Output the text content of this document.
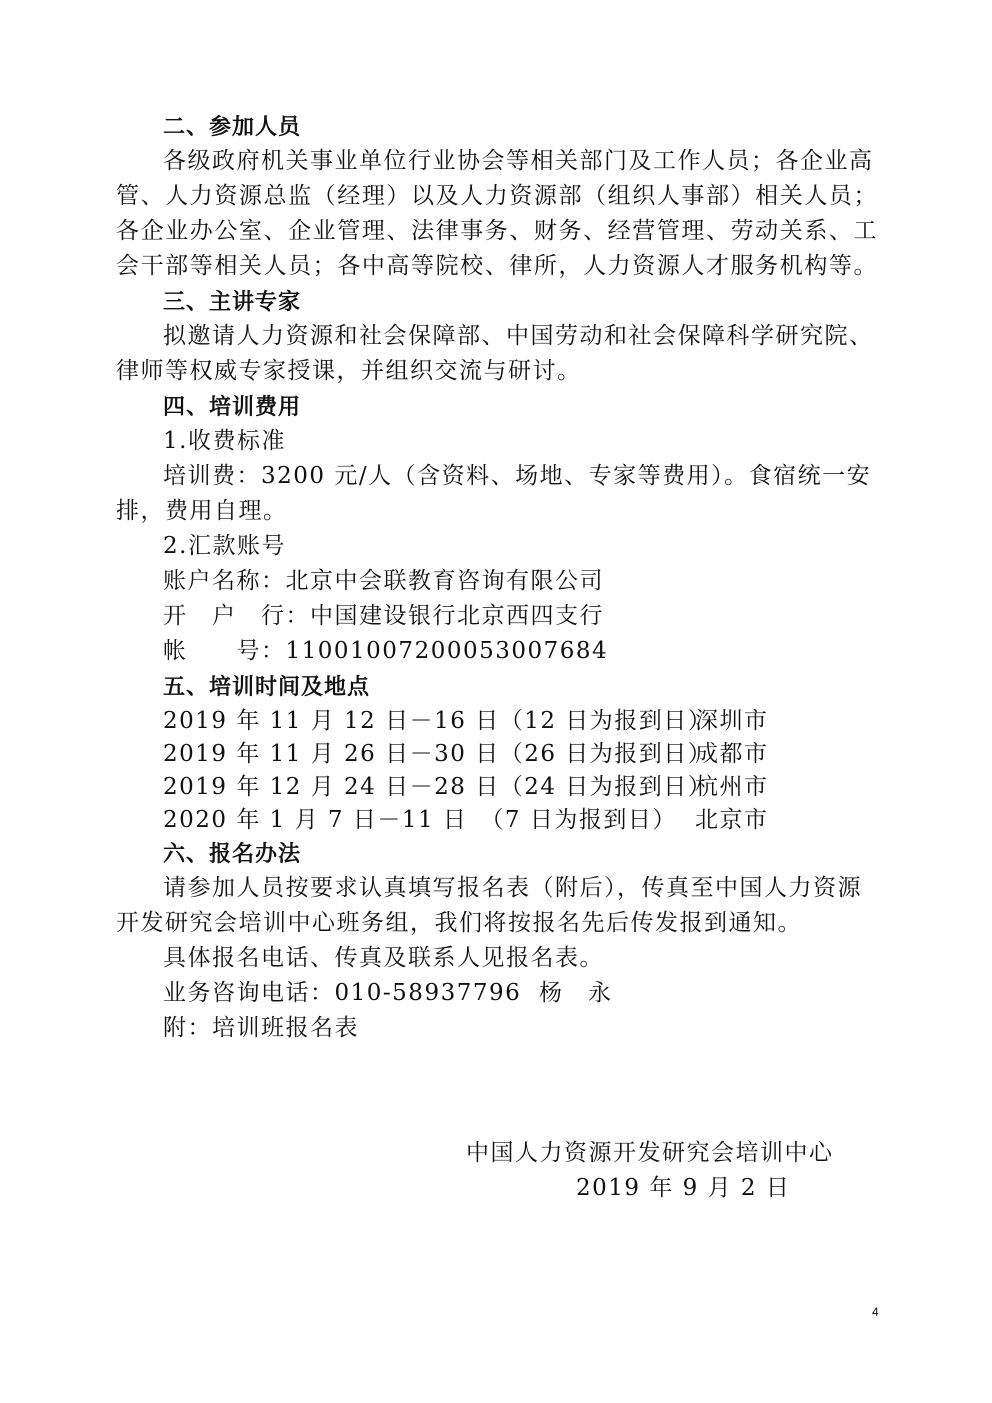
二、参加人员
各级政府机关事业单位行业协会等相关部门及工作人员；各企业高
管、人力资源总监（经理）以及人力资源部（组织人事部）相关人员；
各企业办公室、企业管理、法律事务、财务、经营管理、劳动关系、工
会干部等相关人员；各中高等院校、律所，人力资源人才服务机构等。
三、主讲专家
拟邀请人力资源和社会保障部、中国劳动和社会保障科学研究院、
律师等权威专家授课，并组织交流与研讨。
四、培训费用
1.收费标准
培训费：3200 元/人（含资料、场地、专家等费用）。食宿统一安
排，费用自理。
2.汇款账号
账户名称：北京中会联教育咨询有限公司
开　户　行：中国建设银行北京西四支行
帐　　号：11001007200053007684
五、培训时间及地点
2019 年 11 月 12 日－16 日（12 日为报到日）
深圳市
2019 年 11 月 26 日－30 日（26 日为报到日）
成都市
2019 年 12 月 24 日－28 日（24 日为报到日）
杭州市
2020 年 1 月 7 日－11 日　（7 日为报到日） 北京市
六、报名办法
请参加人员按要求认真填写报名表（附后），传真至中国人力资源
开发研究会培训中心班务组，我们将按报名先后传发报到通知。
具体报名电话、传真及联系人见报名表。
业务咨询电话：010-58937796 杨　永
附：培训班报名表
中国人力资源开发研究会培训中心
2019 年 9 月 2 日
4
